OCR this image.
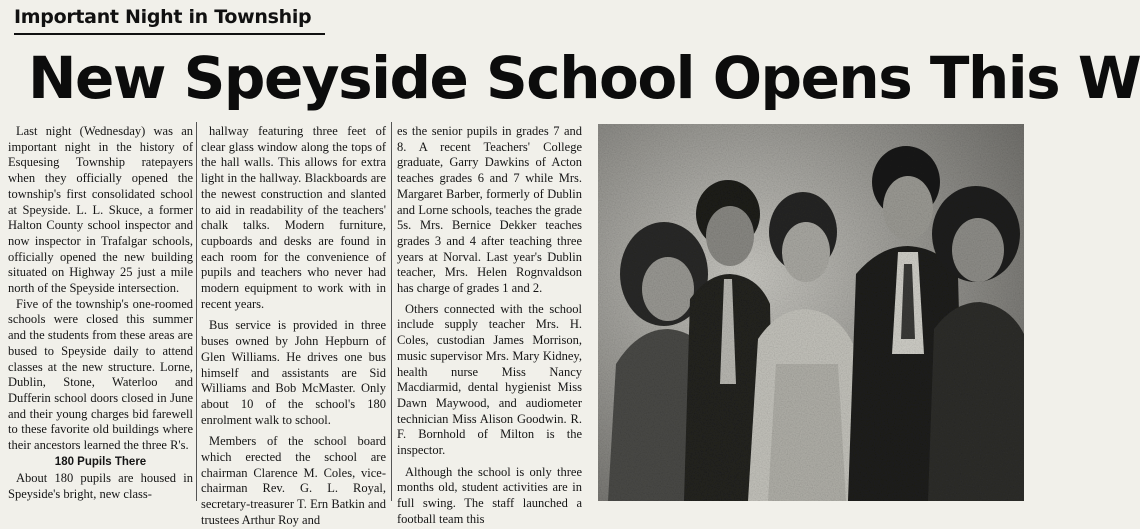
Important Night in Township
New Speyside School Opens This W

Last night (Wednesday) was an important night in the history of Esquesing Township ratepayers when they officially opened the township's first consolidated school at Speyside. L. L. Skuce, a former Halton County school inspector and now inspector in Trafalgar schools, officially opened the new building situated on Highway 25 just a mile north of the Speyside intersection.

Five of the township's one-roomed schools were closed this summer and the students from these areas are bused to Speyside daily to attend classes at the new structure. Lorne, Dublin, Stone, Waterloo and Dufferin school doors closed in June and their young charges bid farewell to these favorite old buildings where their ancestors learned the three R's.

180 Pupils There

About 180 pupils are housed in Speyside's bright, new class-

hallway featuring three feet of clear glass window along the tops of the hall walls. This allows for extra light in the hallway. Blackboards are the newest construction and slanted to aid in readability of the teachers' chalk talks. Modern furniture, cupboards and desks are found in each room for the convenience of pupils and teachers who never had modern equipment to work with in recent years.

Bus service is provided in three buses owned by John Hepburn of Glen Williams. He drives one bus himself and assistants are Sid Williams and Bob McMaster. Only about 10 of the school's 180 enrolment walk to school.

Members of the school board which erected the school are chairman Clarence M. Coles, vice-chairman Rev. G. L. Royal, secretary-treasurer T. Ern Batkin and trustees Arthur Roy and

es the senior pupils in grades 7 and 8. A recent Teachers' College graduate, Garry Dawkins of Acton teaches grades 6 and 7 while Mrs. Margaret Barber, formerly of Dublin and Lorne schools, teaches the grade 5s. Mrs. Bernice Dekker teaches grades 3 and 4 after teaching three years at Norval. Last year's Dublin teacher, Mrs. Helen Rognvaldson has charge of grades 1 and 2.

Others connected with the school include supply teacher Mrs. H. Coles, custodian James Morrison, music supervisor Mrs. Mary Kidney, health nurse Miss Nancy Macdiarmid, dental hygienist Miss Dawn Maywood, and audiometer technician Miss Alison Goodwin. R. F. Bornhold of Milton is the inspector.

Although the school is only three months old, student activities are in full swing. The staff launched a football team this
